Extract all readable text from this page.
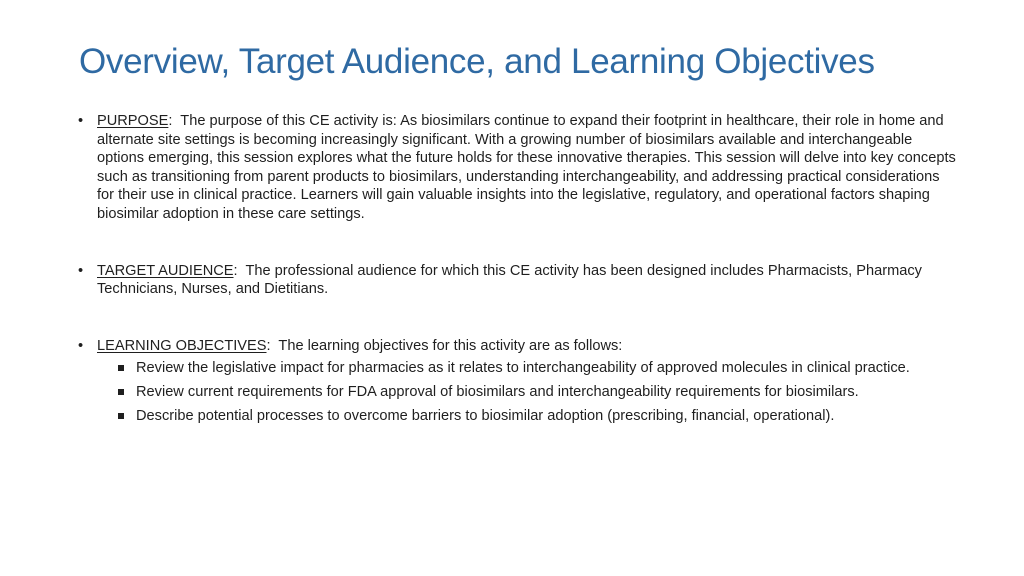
Overview, Target Audience, and Learning Objectives
• PURPOSE: The purpose of this CE activity is: As biosimilars continue to expand their footprint in healthcare, their role in home and alternate site settings is becoming increasingly significant. With a growing number of biosimilars available and interchangeable options emerging, this session explores what the future holds for these innovative therapies. This session will delve into key concepts such as transitioning from parent products to biosimilars, understanding interchangeability, and addressing practical considerations for their use in clinical practice. Learners will gain valuable insights into the legislative, regulatory, and operational factors shaping biosimilar adoption in these care settings.
• TARGET AUDIENCE: The professional audience for which this CE activity has been designed includes Pharmacists, Pharmacy Technicians, Nurses, and Dietitians.
• LEARNING OBJECTIVES: The learning objectives for this activity are as follows:
Review the legislative impact for pharmacies as it relates to interchangeability of approved molecules in clinical practice.
Review current requirements for FDA approval of biosimilars and interchangeability requirements for biosimilars.
Describe potential processes to overcome barriers to biosimilar adoption (prescribing, financial, operational).
